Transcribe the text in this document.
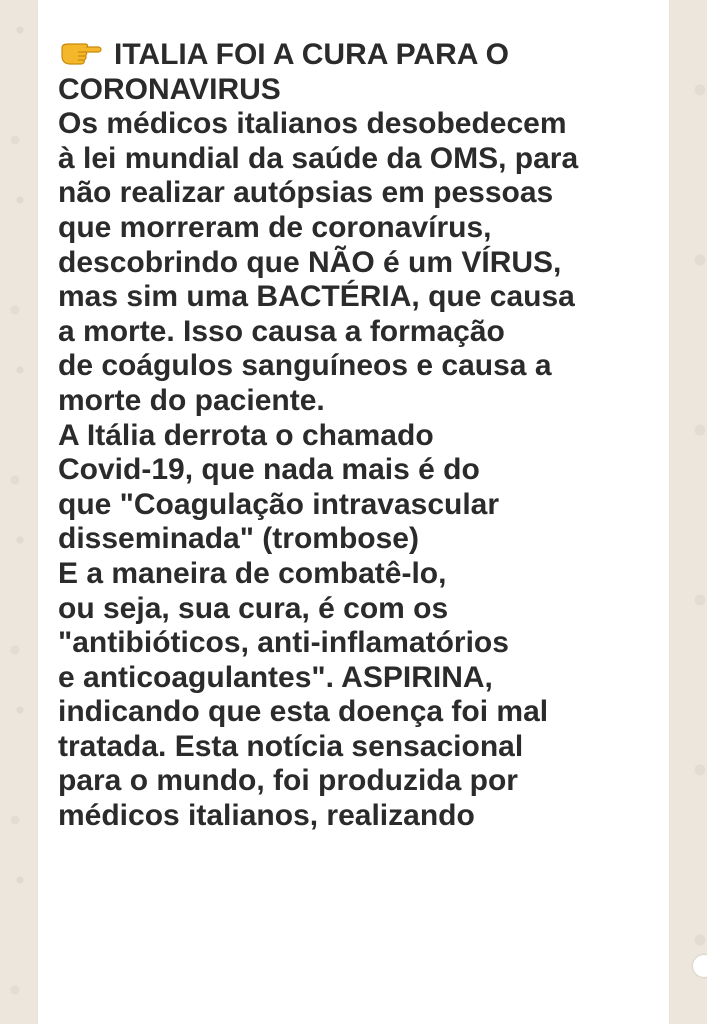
ITALIA FOI A CURA PARA O
CORONAVIRUS
Os médicos italianos desobedecem
à lei mundial da saúde da OMS, para
não realizar autópsias em pessoas
que morreram de coronavírus,
descobrindo que NÃO é um VÍRUS,
mas sim uma BACTÉRIA, que causa
a morte. Isso causa a formação
de coágulos sanguíneos e causa a
morte do paciente.
A Itália derrota o chamado
Covid-19, que nada mais é do
que "Coagulação intravascular
disseminada" (trombose)
E a maneira de combatê-lo,
ou seja, sua cura, é com os
"antibióticos, anti-inflamatórios
e anticoagulantes". ASPIRINA,
indicando que esta doença foi mal
tratada. Esta notícia sensacional
para o mundo, foi produzida por
médicos italianos, realizando
